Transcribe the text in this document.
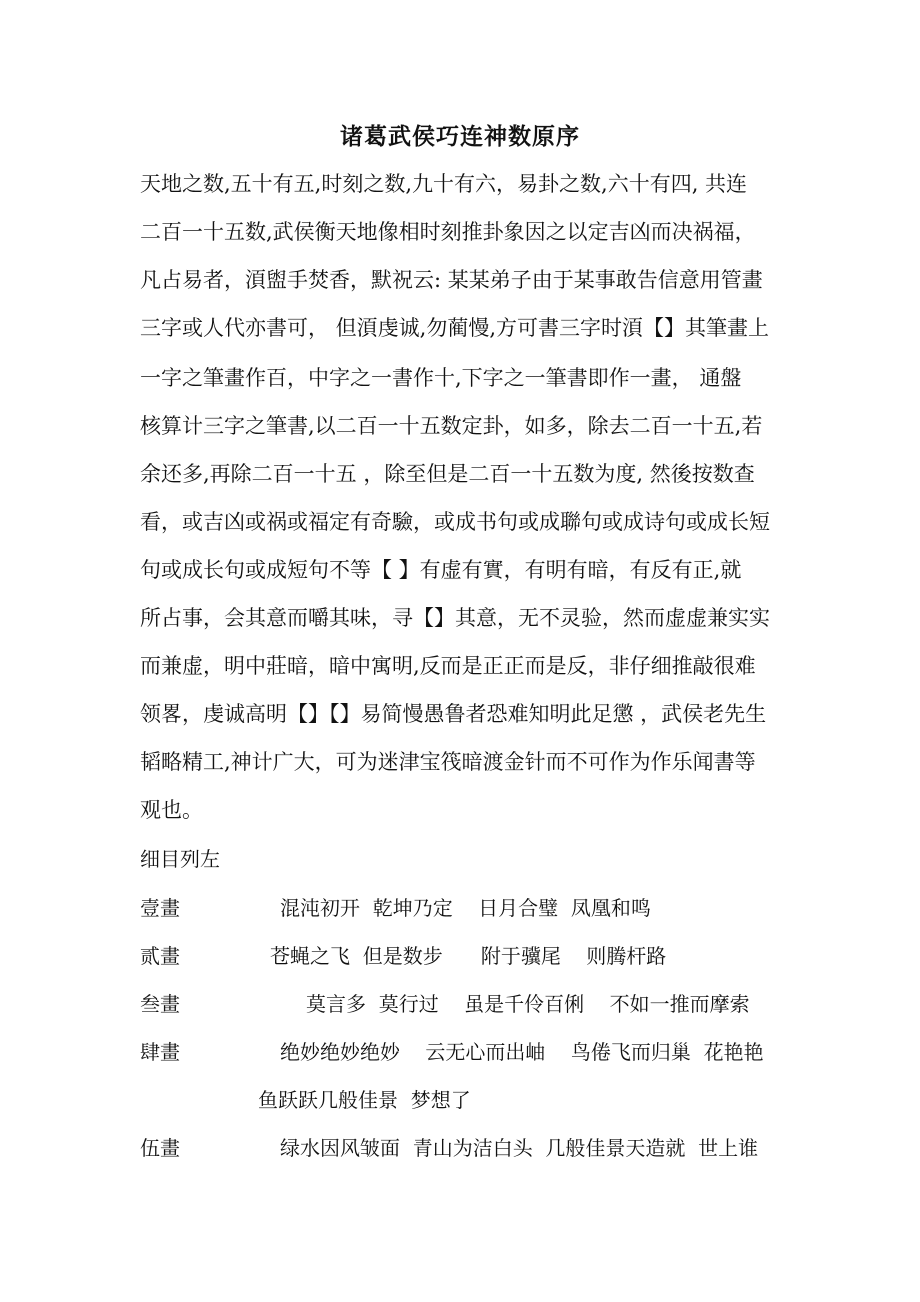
诸葛武侯巧连神数原序
天地之数,五十有五,时刻之数,九十有六，易卦之数,六十有四, 共连
二百一十五数,武侯衡天地像相时刻推卦象因之以定吉凶而决祸福，
凡占易者，湏盥手焚香，默祝云: 某某弟子由于某事敢告信意用管畫
三字或人代亦書可， 但湏虔诚,勿蔺慢,方可書三字时湏【】其筆畫上
一字之筆畫作百，中字之一書作十,下字之一筆書即作一畫， 通盤
核算计三字之筆書,以二百一十五数定卦，如多，除去二百一十五,若
余还多,再除二百一十五 ，除至但是二百一十五数为度, 然後按数查
看，或吉凶或祸或福定有奇驗，或成书句或成聯句或成诗句或成长短
句或成长句或成短句不等【 】有虚有實，有明有暗，有反有正,就
所占事，会其意而嚼其味，寻【】其意，无不灵验，然而虚虚兼实实
而兼虚，明中莊暗，暗中寓明,反而是正正而是反，非仔细推敲很难
领畧，虔诚高明【】【】易简慢愚鲁者恐难知明此足懲 ，武侯老先生
韬略精工,神计广大，可为迷津宝筏暗渡金针而不可作为作乐闻書等
观也。
细目列左
壹畫	混沌初开  乾坤乃定    日月合璧  凤凰和鸣
贰畫	苍蝇之飞  但是数步      附于骥尾    则腾杆路
叁畫	莫言多  莫行过    虽是千伶百俐    不如一推而摩索
肆畫	绝妙绝妙绝妙    云无心而出岫    鸟倦飞而归巢  花艳艳
鱼跃跃几般佳景  梦想了
伍畫	绿水因风皱面  青山为洁白头  几般佳景天造就  世上谁
